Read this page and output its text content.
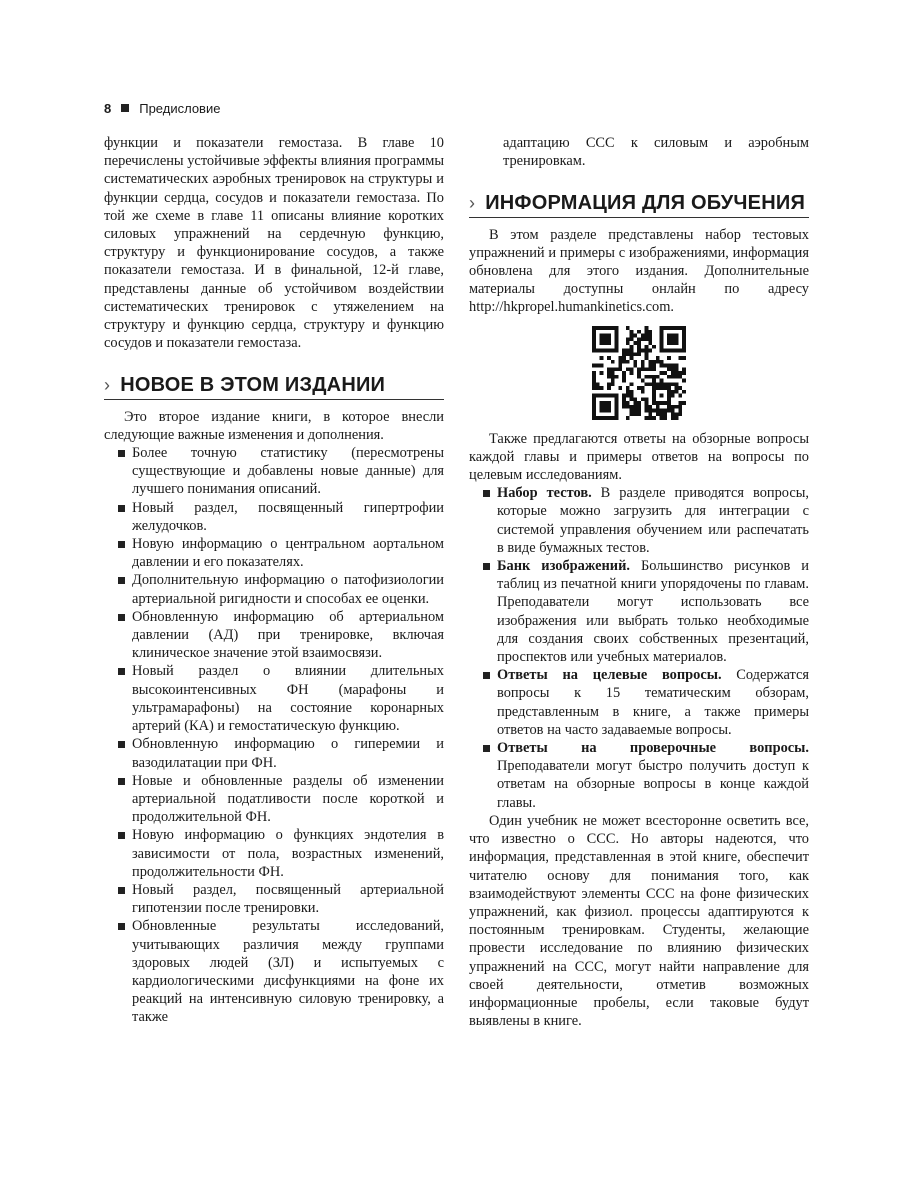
8 Предисловие

функции и показатели гемостаза. В главе 10 перечислены устойчивые эффекты влияния программы систематических аэробных тренировок на структуры и функции сердца, сосудов и показатели гемостаза. По той же схеме в главе 11 описаны влияние коротких силовых упражнений на сердечную функцию, структуру и функционирование сосудов, а также показатели гемостаза. И в финальной, 12-й главе, представлены данные об устойчивом воздействии систематических тренировок с утяжелением на структуру и функцию сердца, структуру и функцию сосудов и показатели гемостаза.

› НОВОЕ В ЭТОМ ИЗДАНИИ

Это второе издание книги, в которое внесли следующие важные изменения и дополнения.

Более точную статистику (пересмотрены существующие и добавлены новые данные) для лучшего понимания описаний.
Новый раздел, посвященный гипертрофии желудочков.
Новую информацию о центральном аортальном давлении и его показателях.
Дополнительную информацию о патофизиологии артериальной ригидности и способах ее оценки.
Обновленную информацию об артериальном давлении (АД) при тренировке, включая клиническое значение этой взаимосвязи.
Новый раздел о влиянии длительных высокоинтенсивных ФН (марафоны и ультрамарафоны) на состояние коронарных артерий (КА) и гемостатическую функцию.
Обновленную информацию о гиперемии и вазодилатации при ФН.
Новые и обновленные разделы об изменении артериальной податливости после короткой и продолжительной ФН.
Новую информацию о функциях эндотелия в зависимости от пола, возрастных изменений, продолжительности ФН.
Новый раздел, посвященный артериальной гипотензии после тренировки.
Обновленные результаты исследований, учитывающих различия между группами здоровых людей (ЗЛ) и испытуемых с кардиологическими дисфункциями на фоне их реакций на интенсивную силовую тренировку, а также

адаптацию ССС к силовым и аэробным тренировкам.

› ИНФОРМАЦИЯ ДЛЯ ОБУЧЕНИЯ

В этом разделе представлены набор тестовых упражнений и примеры с изображениями, информация обновлена для этого издания. Дополнительные материалы доступны онлайн по адресу http://hkpropel.humankinetics.com.

Также предлагаются ответы на обзорные вопросы каждой главы и примеры ответов на вопросы по целевым исследованиям.

Набор тестов. В разделе приводятся вопросы, которые можно загрузить для интеграции с системой управления обучением или распечатать в виде бумажных тестов.
Банк изображений. Большинство рисунков и таблиц из печатной книги упорядочены по главам. Преподаватели могут использовать все изображения или выбрать только необходимые для создания своих собственных презентаций, проспектов или учебных материалов.
Ответы на целевые вопросы. Содержатся вопросы к 15 тематическим обзорам, представленным в книге, а также примеры ответов на часто задаваемые вопросы.
Ответы на проверочные вопросы. Преподаватели могут быстро получить доступ к ответам на обзорные вопросы в конце каждой главы.

Один учебник не может всесторонне осветить все, что известно о ССС. Но авторы надеются, что информация, представленная в этой книге, обеспечит читателю основу для понимания того, как взаимодействуют элементы ССС на фоне физических упражнений, как физиол. процессы адаптируются к постоянным тренировкам. Студенты, желающие провести исследование по влиянию физических упражнений на ССС, могут найти направление для своей деятельности, отметив возможных информационные пробелы, если таковые будут выявлены в книге.
